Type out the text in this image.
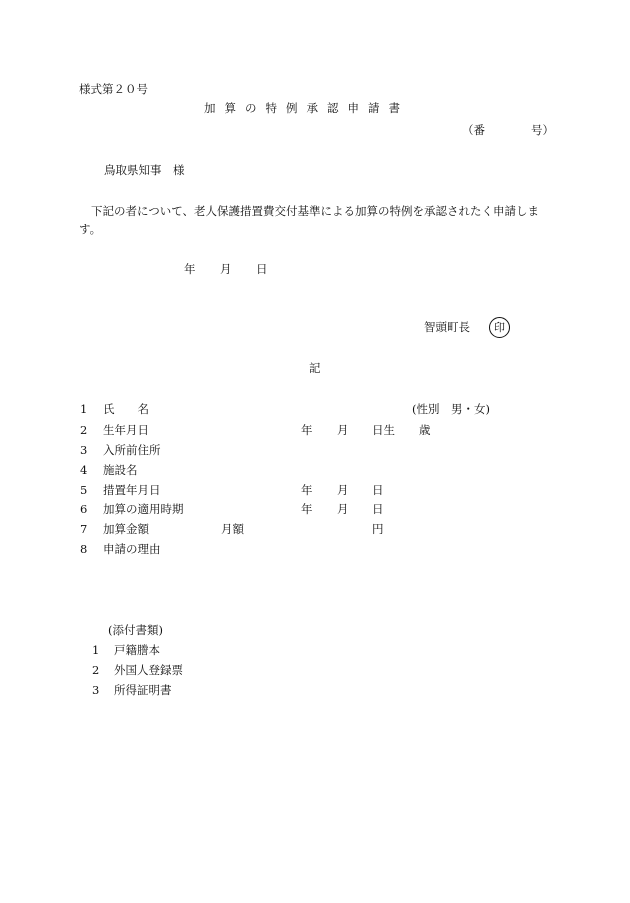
様式第２０号
加算の特例承認申請書
（番	号）
鳥取県知事　様
下記の者について、老人保護措置費交付基準による加算の特例を承認されたく申請しま
す。
年 月 日
智頭町長	印
記
1 氏　　名	(性別　男・女)
2 生年月日	年 月 日生 歳
3 入所前住所
4 施設名
5 措置年月日	年 月 日
6 加算の適用時期	年 月 日
7 加算金額	月額	円
8 申請の理由
(添付書類)
1 戸籍謄本
2 外国人登録票
3 所得証明書
